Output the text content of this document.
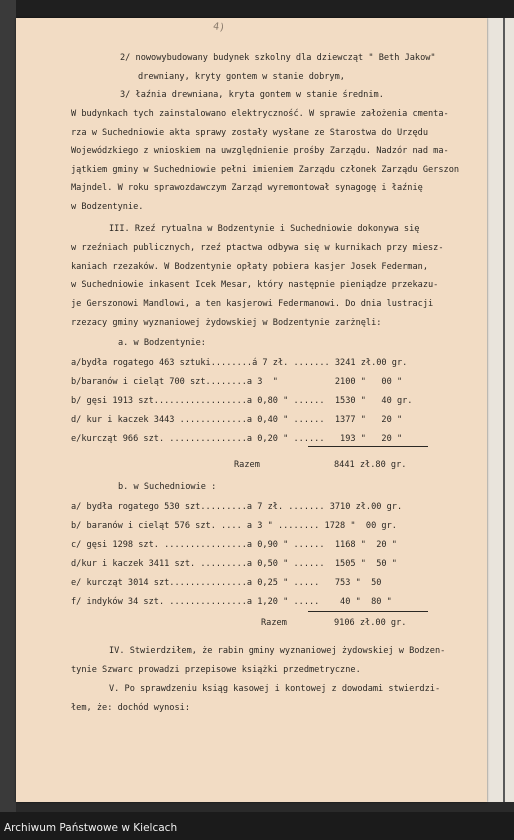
4)
2/ nowowybudowany budynek szkolny dla dziewcząt " Beth Jakow"
drewniany, kryty gontem w stanie dobrym,
3/ łaźnia drewniana, kryta gontem w stanie średnim.
W budynkach tych zainstalowano elektryczność. W sprawie założenia cmenta-
rza w Suchedniowie akta sprawy zostały wysłane ze Starostwa do Urzędu
Wojewódzkiego z wnioskiem na uwzględnienie prośby Zarządu. Nadzór nad ma-
jątkiem gminy w Suchedniowie pełni imieniem Zarządu członek Zarządu Gerszon
Majndel. W roku sprawozdawczym Zarząd wyremontował synagogę i łaźnię
w Bodzentynie.
III. Rzeź rytualna w Bodzentynie i Suchedniowie dokonywa się
w rzeźniach publicznych, rzeź ptactwa odbywa się w kurnikach przy miesz-
kaniach rzezaków. W Bodzentynie opłaty pobiera kasjer Josek Federman,
w Suchedniowie inkasent Icek Mesar, który następnie pieniądze przekazu-
je Gerszonowi Mandlowi, a ten kasjerowi Federmanowi. Do dnia lustracji
rzezacy gminy wyznaniowej żydowskiej w Bodzentynie zarżnęli:
a. w Bodzentynie:
a/bydła rogatego 463 sztuki........á 7 zł. ....... 3241 zł.00 gr.
b/baranów i cieląt 700 szt........a 3  "           2100 "   00 "
b/ gęsi 1913 szt..................a 0,80 " ......  1530 "   40 gr.
d/ kur i kaczek 3443 .............a 0,40 " ......  1377 "   20 "
e/kurcząt 966 szt. ...............a 0,20 " ......   193 "   20 "
Razem	8441 zł.80 gr.
b. w Suchedniowie :
a/ bydła rogatego 530 szt.........a 7 zł. ....... 3710 zł.00 gr.
b/ baranów i cieląt 576 szt. .... a 3 " ........ 1728 "  00 gr.
c/ gęsi 1298 szt. ................a 0,90 " ......  1168 "  20 "
d/kur i kaczek 3411 szt. .........a 0,50 " ......  1505 "  50 "
e/ kurcząt 3014 szt...............a 0,25 " .....   753 "  50
f/ indyków 34 szt. ...............a 1,20 " .....    40 "  80 "
Razem	9106 zł.00 gr.
IV. Stwierdziłem, że rabin gminy wyznaniowej żydowskiej w Bodzen-
tynie Szwarc prowadzi przepisowe książki przedmetryczne.
V. Po sprawdzeniu ksiąg kasowej i kontowej z dowodami stwierdzi-
łem, że: dochód wynosi:
Archiwum Państwowe w Kielcach
